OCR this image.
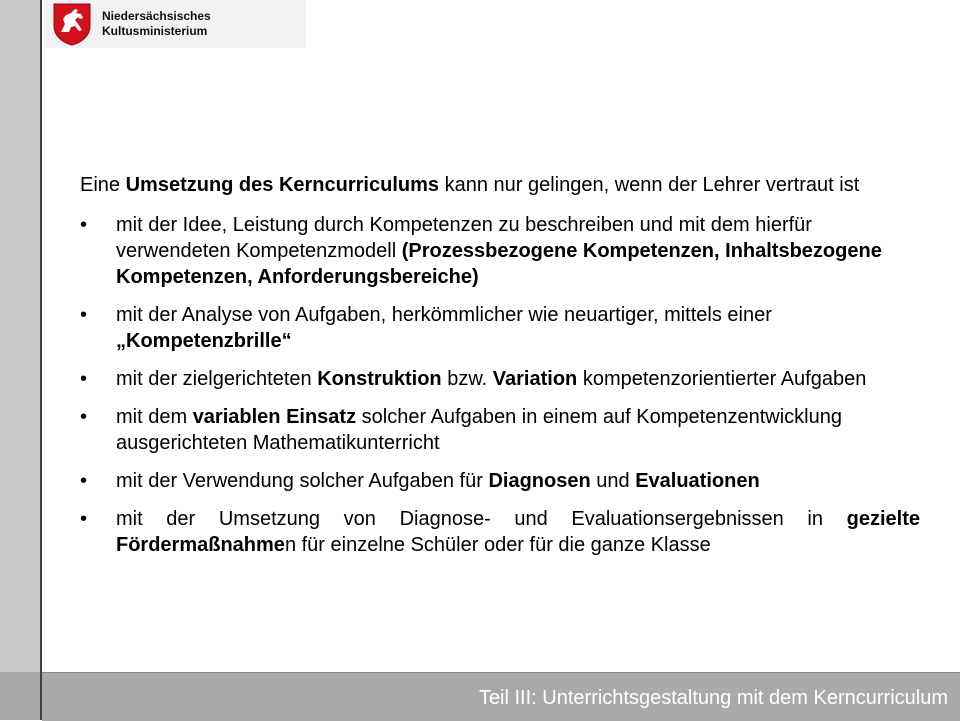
Niedersächsisches
Kultusministerium
Eine Umsetzung des Kerncurriculums kann nur gelingen, wenn der Lehrer vertraut ist
• mit der Idee, Leistung durch Kompetenzen zu beschreiben und mit dem hierfür verwendeten Kompetenzmodell (Prozessbezogene Kompetenzen, Inhaltsbezogene Kompetenzen, Anforderungsbereiche)
• mit der Analyse von Aufgaben, herkömmlicher wie neuartiger, mittels einer „Kompetenzbrille“
• mit der zielgerichteten Konstruktion bzw. Variation kompetenzorientierter Aufgaben
• mit dem variablen Einsatz solcher Aufgaben in einem auf Kompetenzentwicklung ausgerichteten Mathematikunterricht
• mit der Verwendung solcher Aufgaben für Diagnosen und Evaluationen
• mit der Umsetzung von Diagnose- und Evaluationsergebnissen in gezielte Fördermaßnahmen für einzelne Schüler oder für die ganze Klasse
Teil III: Unterrichtsgestaltung mit dem Kerncurriculum
